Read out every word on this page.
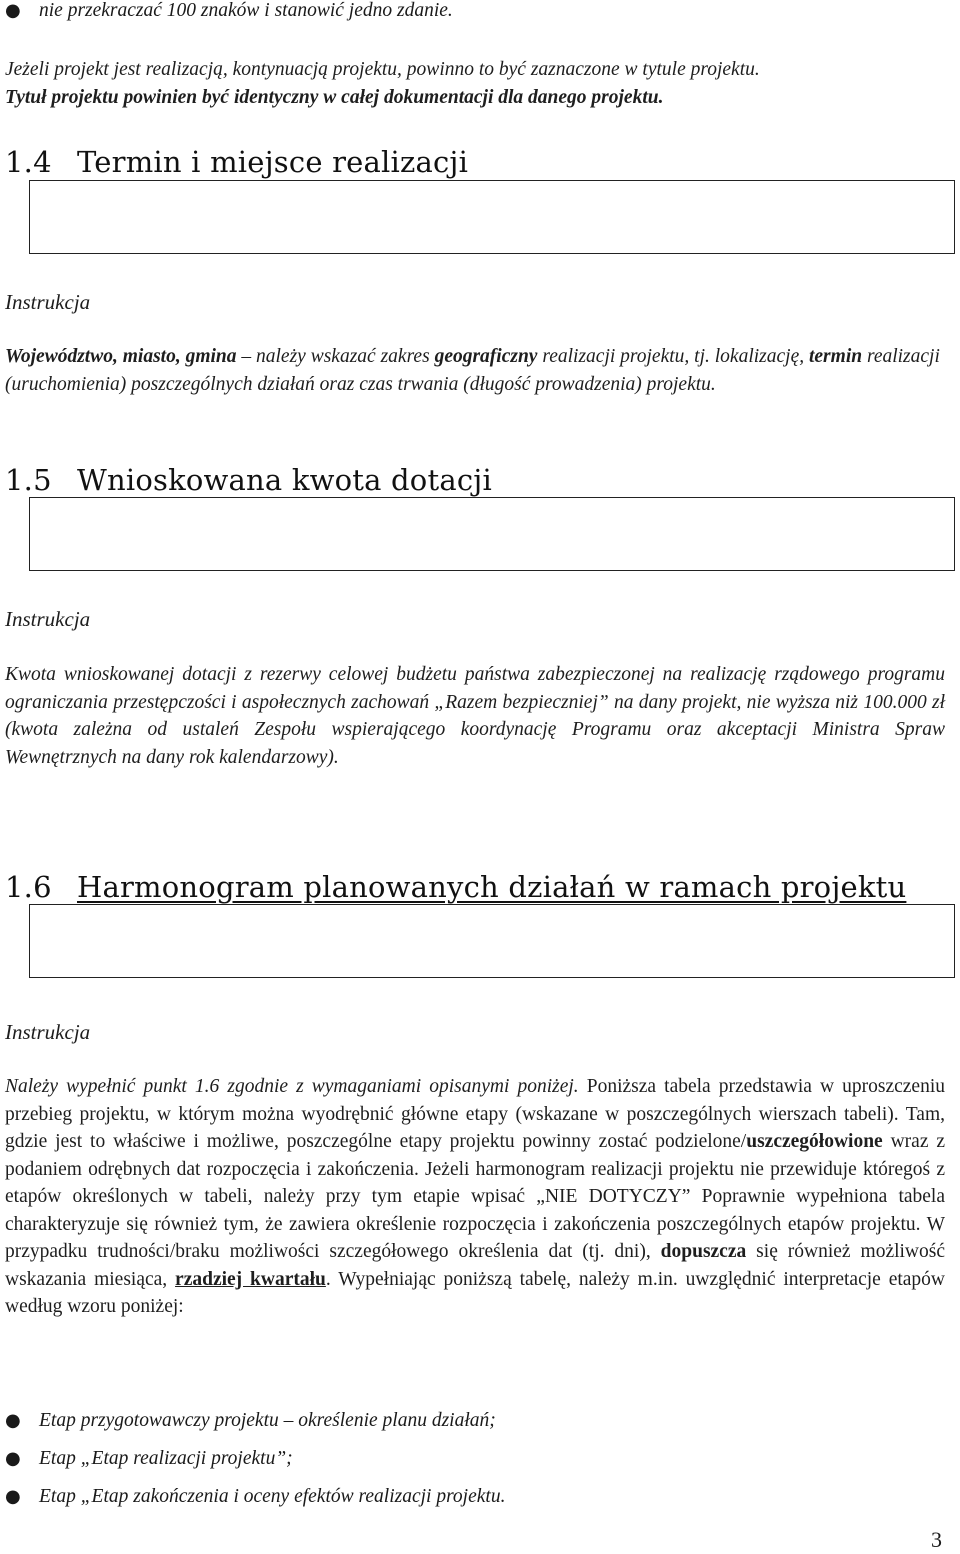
● nie przekraczać 100 znaków i stanowić jedno zdanie.
Jeżeli projekt jest realizacją, kontynuacją projektu, powinno to być zaznaczone w tytule projektu.
Tytuł projektu powinien być identyczny w całej dokumentacji dla danego projektu.
1.4 Termin i miejsce realizacji
Instrukcja
Województwo, miasto, gmina – należy wskazać zakres geograficzny realizacji projektu, tj. lokalizację, termin realizacji (uruchomienia) poszczególnych działań oraz czas trwania (długość prowadzenia) projektu.
1.5 Wnioskowana kwota dotacji
Instrukcja
Kwota wnioskowanej dotacji z rezerwy celowej budżetu państwa zabezpieczonej na realizację rządowego programu ograniczania przestępczości i aspołecznych zachowań „Razem bezpieczniej” na dany projekt, nie wyższa niż 100.000 zł (kwota zależna od ustaleń Zespołu wspierającego koordynację Programu oraz akceptacji Ministra Spraw Wewnętrznych na dany rok kalendarzowy).
1.6 Harmonogram planowanych działań w ramach projektu
Instrukcja
Należy wypełnić punkt 1.6 zgodnie z wymaganiami opisanymi poniżej. Poniższa tabela przedstawia w uproszczeniu przebieg projektu, w którym można wyodrębnić główne etapy (wskazane w poszczególnych wierszach tabeli). Tam, gdzie jest to właściwe i możliwe, poszczególne etapy projektu powinny zostać podzielone/uszczegółowione wraz z podaniem odrębnych dat rozpoczęcia i zakończenia. Jeżeli harmonogram realizacji projektu nie przewiduje któregoś z etapów określonych w tabeli, należy przy tym etapie wpisać „NIE DOTYCZY” Poprawnie wypełniona tabela charakteryzuje się również tym, że zawiera określenie rozpoczęcia i zakończenia poszczególnych etapów projektu. W przypadku trudności/braku możliwości szczegółowego określenia dat (tj. dni), dopuszcza się również możliwość wskazania miesiąca, rzadziej kwartału. Wypełniając poniższą tabelę, należy m.in. uwzględnić interpretacje etapów według wzoru poniżej:
● Etap przygotowawczy projektu – określenie planu działań;
● Etap „Etap realizacji projektu”;
● Etap „Etap zakończenia i oceny efektów realizacji projektu.
3
